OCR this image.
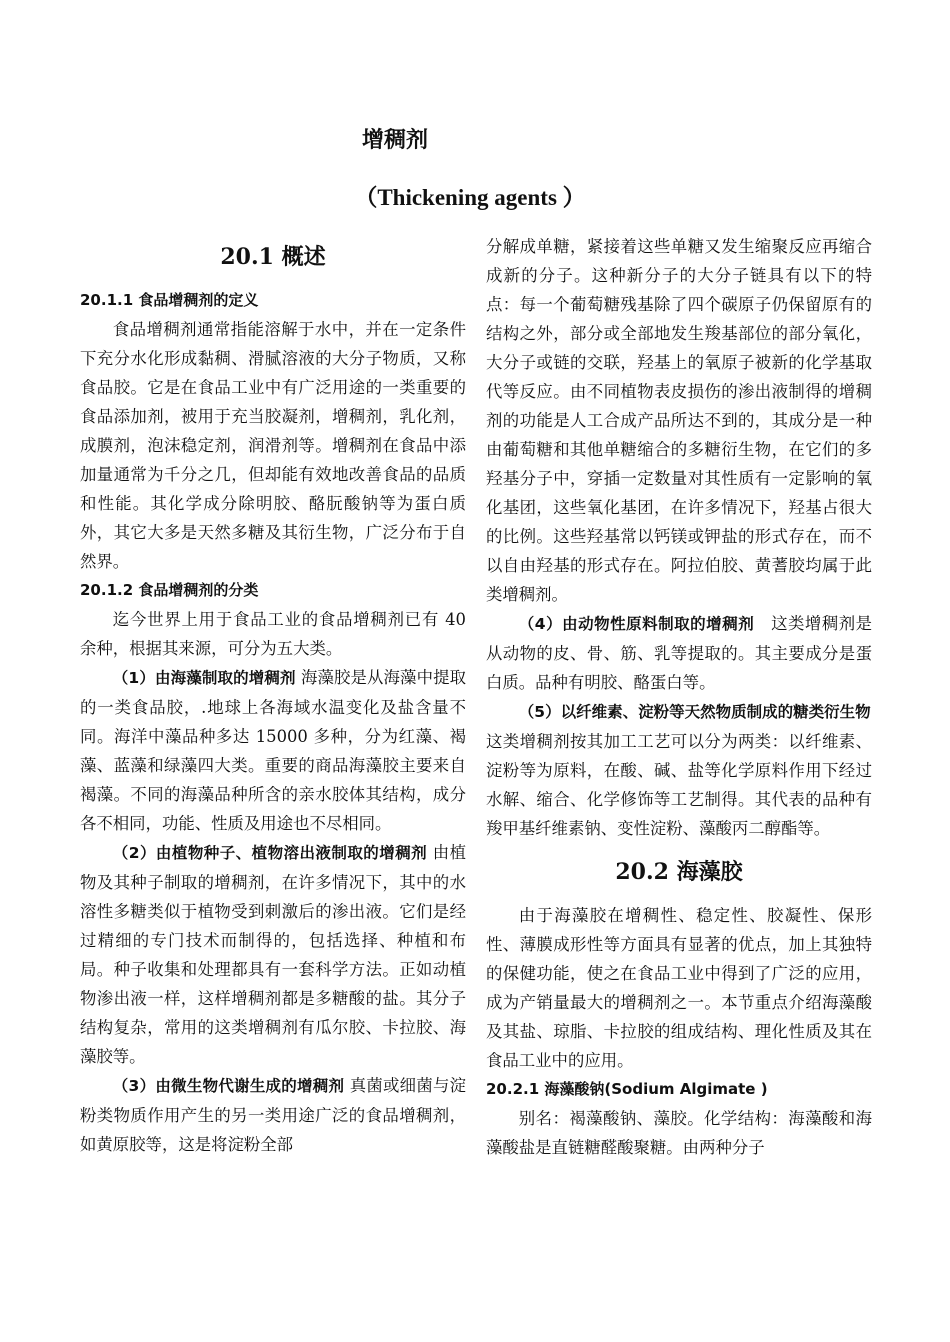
增稠剂
（Thickening agents ）
20.1 概述
20.1.1 食品增稠剂的定义

食品增稠剂通常指能溶解于水中，并在一定条件下充分水化形成黏稠、滑腻溶液的大分子物质，又称食品胶。它是在食品工业中有广泛用途的一类重要的食品添加剂，被用于充当胶凝剂，增稠剂，乳化剂，成膜剂，泡沫稳定剂，润滑剂等。增稠剂在食品中添加量通常为千分之几，但却能有效地改善食品的品质和性能。其化学成分除明胶、酪朊酸钠等为蛋白质外，其它大多是天然多糖及其衍生物，广泛分布于自然界。

20.1.2 食品增稠剂的分类

迄今世界上用于食品工业的食品增稠剂已有 40 余种，根据其来源，可分为五大类。

（1）由海藻制取的增稠剂 海藻胶是从海藻中提取的一类食品胶，.地球上各海域水温变化及盐含量不同。海洋中藻品种多达 15000 多种，分为红藻、褐藻、蓝藻和绿藻四大类。重要的商品海藻胶主要来自褐藻。不同的海藻品种所含的亲水胶体其结构，成分各不相同，功能、性质及用途也不尽相同。

（2）由植物种子、植物溶出液制取的增稠剂 由植物及其种子制取的增稠剂，在许多情况下，其中的水溶性多糖类似于植物受到刺激后的渗出液。它们是经过精细的专门技术而制得的，包括选择、种植和布局。种子收集和处理都具有一套科学方法。正如动植物渗出液一样，这样增稠剂都是多糖酸的盐。其分子结构复杂，常用的这类增稠剂有瓜尔胶、卡拉胶、海藻胶等。

（3）由微生物代谢生成的增稠剂 真菌或细菌与淀粉类物质作用产生的另一类用途广泛的食品增稠剂，如黄原胶等，这是将淀粉全部

分解成单糖，紧接着这些单糖又发生缩聚反应再缩合成新的分子。这种新分子的大分子链具有以下的特点：每一个葡萄糖残基除了四个碳原子仍保留原有的结构之外，部分或全部地发生羧基部位的部分氧化，大分子或链的交联，羟基上的氧原子被新的化学基取代等反应。由不同植物表皮损伤的渗出液制得的增稠剂的功能是人工合成产品所达不到的，其成分是一种由葡萄糖和其他单糖缩合的多糖衍生物，在它们的多羟基分子中，穿插一定数量对其性质有一定影响的氧化基团，这些氧化基团，在许多情况下，羟基占很大的比例。这些羟基常以钙镁或钾盐的形式存在，而不以自由羟基的形式存在。阿拉伯胶、黄蓍胶均属于此类增稠剂。

（4）由动物性原料制取的增稠剂　这类增稠剂是从动物的皮、骨、筋、乳等提取的。其主要成分是蛋白质。品种有明胶、酪蛋白等。

（5）以纤维素、淀粉等天然物质制成的糖类衍生物　这类增稠剂按其加工工艺可以分为两类：以纤维素、淀粉等为原料，在酸、碱、盐等化学原料作用下经过水解、缩合、化学修饰等工艺制得。其代表的品种有羧甲基纤维素钠、变性淀粉、藻酸丙二醇酯等。

20.2 海藻胶

由于海藻胶在增稠性、稳定性、胶凝性、保形性、薄膜成形性等方面具有显著的优点，加上其独特的保健功能，使之在食品工业中得到了广泛的应用，成为产销量最大的增稠剂之一。本节重点介绍海藻酸及其盐、琼脂、卡拉胶的组成结构、理化性质及其在食品工业中的应用。

20.2.1 海藻酸钠(Sodium Algimate )

别名：褐藻酸钠、藻胶。化学结构：海藻酸和海藻酸盐是直链糖醛酸聚糖。由两种分子
